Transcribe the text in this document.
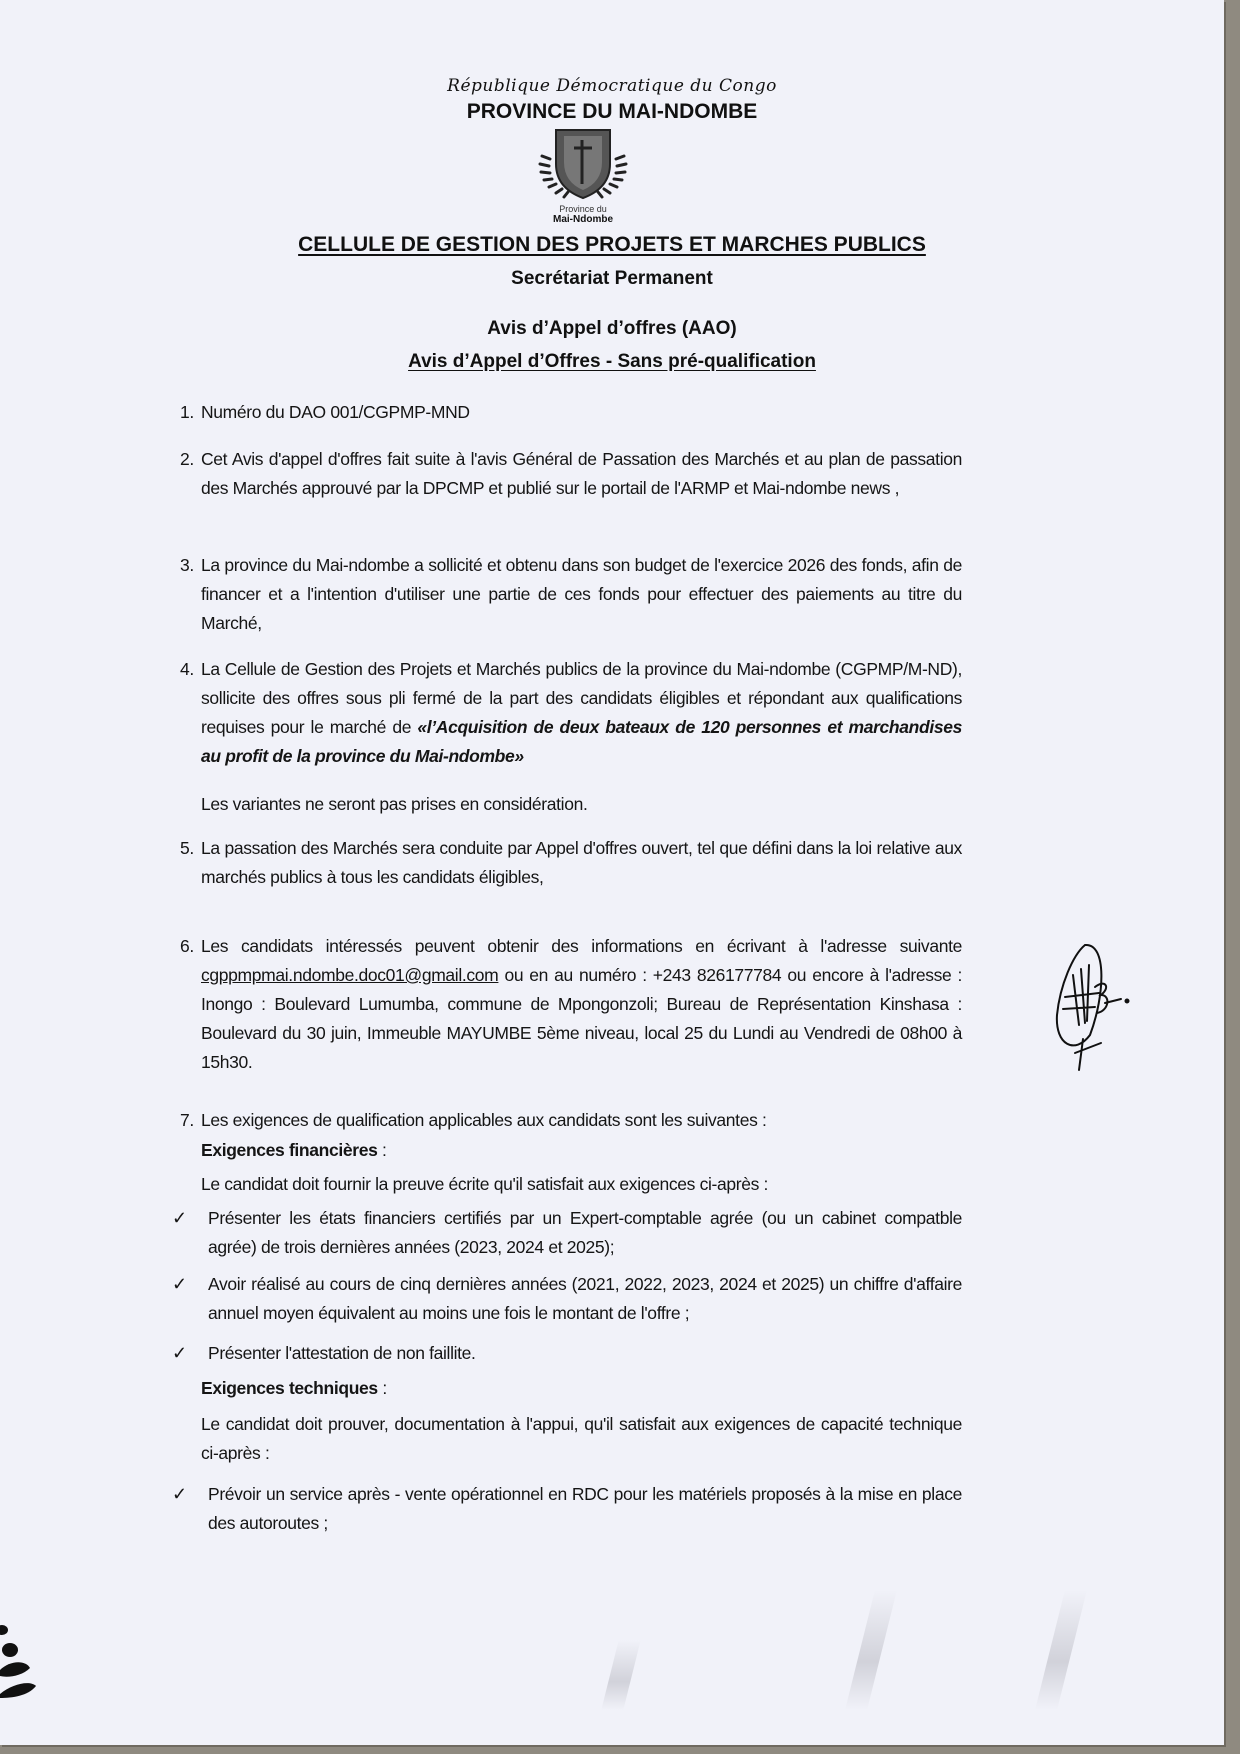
République Démocratique du Congo
PROVINCE DU MAI-NDOMBE
Province du
Mai-Ndombe
CELLULE DE GESTION DES PROJETS ET MARCHES PUBLICS
Secrétariat Permanent
Avis d’Appel d’offres (AAO)
Avis d’Appel d’Offres - Sans pré-qualification
1. Numéro du DAO 001/CGPMP-MND
2. Cet Avis d'appel d'offres fait suite à l'avis Général de Passation des Marchés et au plan de passation des Marchés approuvé par la DPCMP et publié sur le portail de l'ARMP et Mai-ndombe news ,
3. La province du Mai-ndombe a sollicité et obtenu dans son budget de l'exercice 2026 des fonds, afin de financer et a l'intention d'utiliser une partie de ces fonds pour effectuer des paiements au titre du Marché,
4. La Cellule de Gestion des Projets et Marchés publics de la province du Mai-ndombe (CGPMP/M-ND), sollicite des offres sous pli fermé de la part des candidats éligibles et répondant aux qualifications requises pour le marché de «l’Acquisition de deux bateaux de 120 personnes et marchandises au profit de la province du Mai-ndombe»
Les variantes ne seront pas prises en considération.
5. La passation des Marchés sera conduite par Appel d'offres ouvert, tel que défini dans la loi relative aux marchés publics à tous les candidats éligibles,
6. Les candidats intéressés peuvent obtenir des informations en écrivant à l'adresse suivante cgppmpmai.ndombe.doc01@gmail.com ou en au numéro : +243 826177784 ou encore à l'adresse : Inongo : Boulevard Lumumba, commune de Mpongonzoli; Bureau de Représentation Kinshasa : Boulevard du 30 juin, Immeuble MAYUMBE 5ème niveau, local 25 du Lundi au Vendredi de 08h00 à 15h30.
7. Les exigences de qualification applicables aux candidats sont les suivantes :
Exigences financières :
Le candidat doit fournir la preuve écrite qu'il satisfait aux exigences ci-après :
✓ Présenter les états financiers certifiés par un Expert-comptable agrée (ou un cabinet compatble agrée) de trois dernières années (2023, 2024 et 2025);
✓ Avoir réalisé au cours de cinq dernières années (2021, 2022, 2023, 2024 et 2025) un chiffre d'affaire annuel moyen équivalent au moins une fois le montant de l'offre ;
✓ Présenter l'attestation de non faillite.
Exigences techniques :
Le candidat doit prouver, documentation à l'appui, qu'il satisfait aux exigences de capacité technique ci-après :
✓ Prévoir un service après - vente opérationnel en RDC pour les matériels proposés à la mise en place des autoroutes ;
